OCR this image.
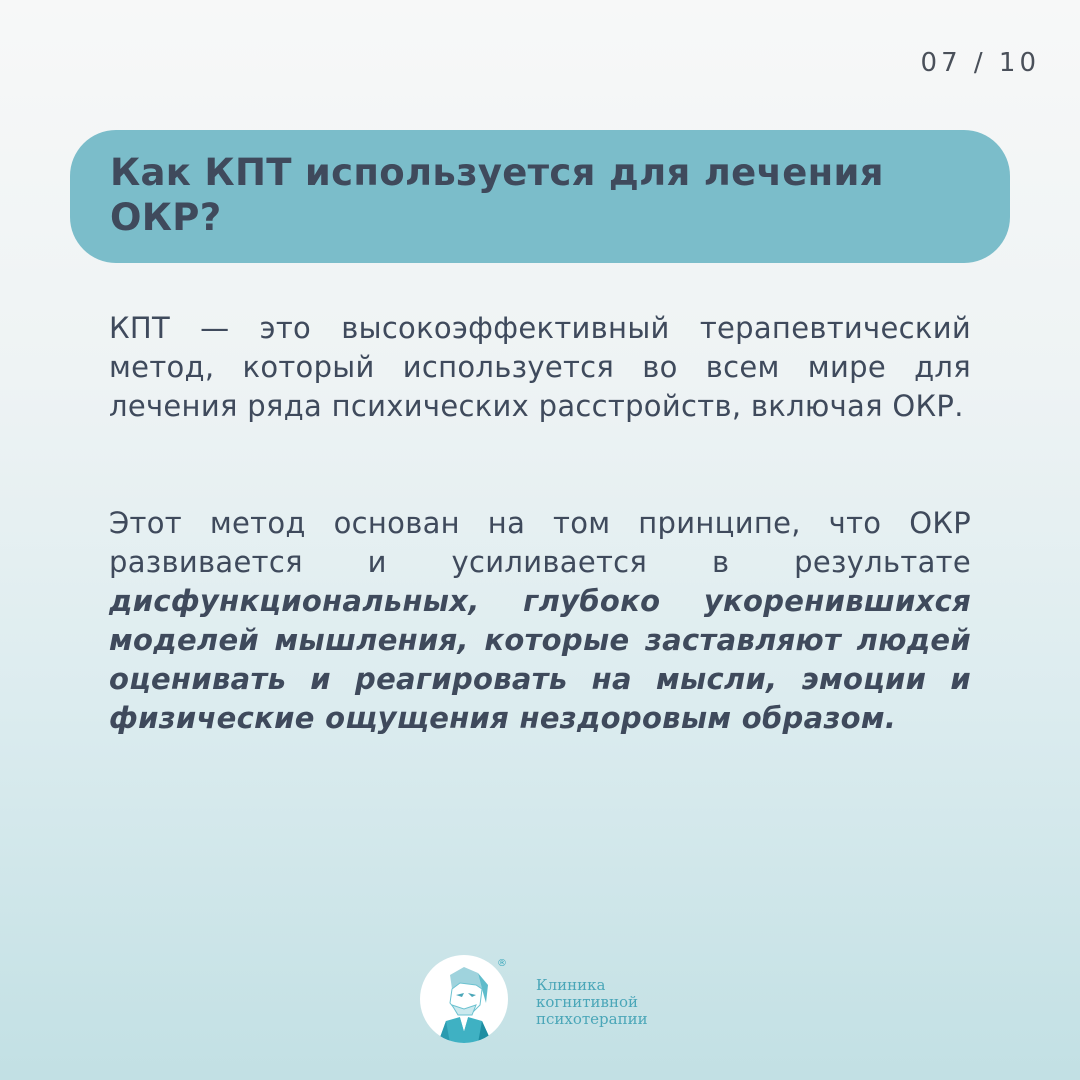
07 / 10
Как КПТ используется для лечения
ОКР?

КПТ — это высокоэффективный терапевтический метод, который используется во всем мире для лечения ряда психических расстройств, включая ОКР.

Этот метод основан на том принципе, что ОКР развивается и усиливается в результате дисфункциональных, глубоко укоренившихся моделей мышления, которые заставляют людей оценивать и реагировать на мысли, эмоции и физические ощущения нездоровым образом.

Клиника
когнитивной
психотерапии
®
